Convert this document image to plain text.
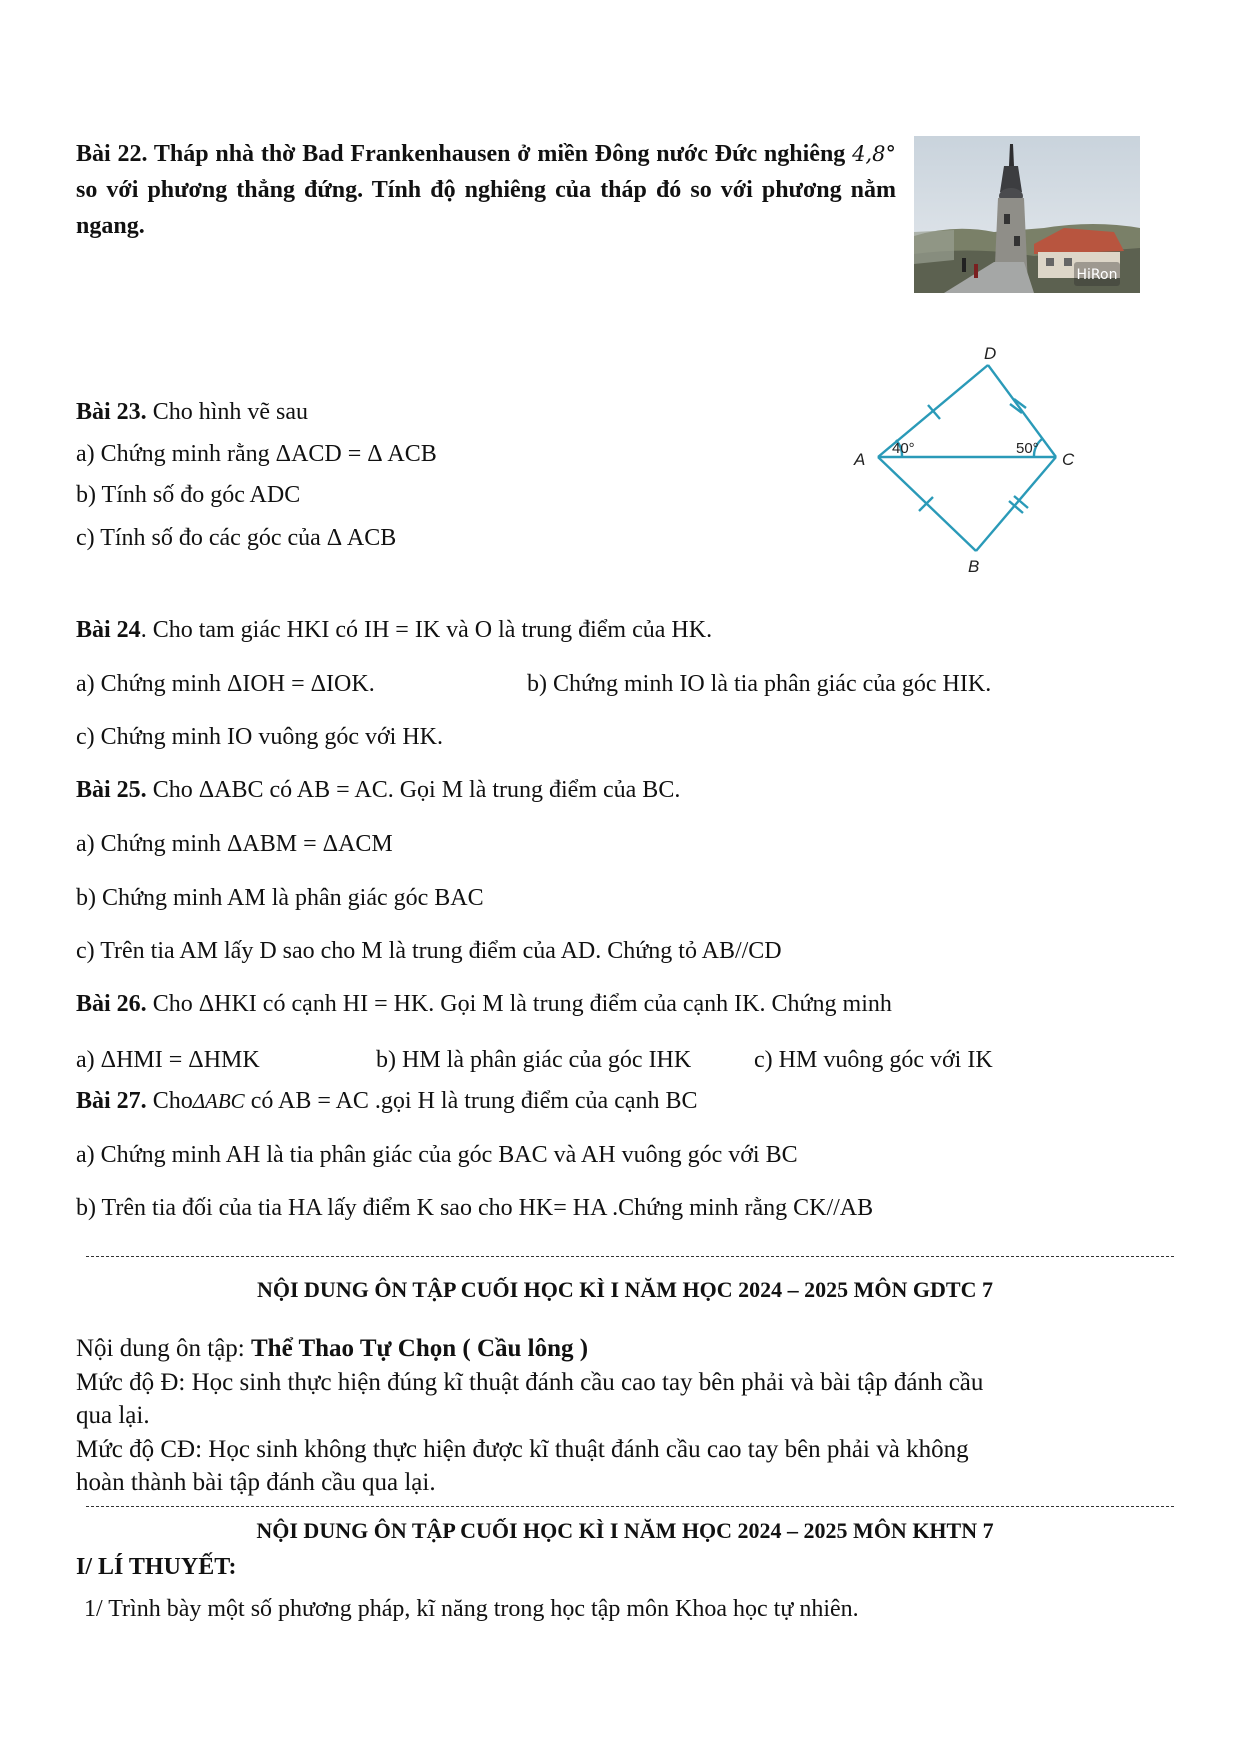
Bài 22. Tháp nhà thờ Bad Frankenhausen ở miền Đông nước Đức nghiêng 4,8° so với phương thẳng đứng. Tính độ nghiêng của tháp đó so với phương nằm ngang.
HiRon
Bài 23. Cho hình vẽ sau
a) Chứng minh rằng ΔACD = Δ ACB
b) Tính số đo góc ADC
c) Tính số đo các góc của Δ ACB
D
A	C
B
40°	50°
Bài 24. Cho tam giác HKI có IH = IK và O là trung điểm của HK.
a) Chứng minh ΔIOH = ΔIOK.	b) Chứng minh IO là tia phân giác của góc HIK.
c) Chứng minh IO vuông góc với HK.
Bài 25. Cho ΔABC có AB = AC. Gọi M là trung điểm của BC.
a) Chứng minh ΔABM = ΔACM
b) Chứng minh AM là phân giác góc BAC
c) Trên tia AM lấy D sao cho M là trung điểm của AD. Chứng tỏ AB//CD
Bài 26. Cho ΔHKI có cạnh HI = HK. Gọi M là trung điểm của cạnh IK. Chứng minh
a) ΔHMI = ΔHMK	b) HM là phân giác của góc IHK	c) HM vuông góc với IK
Bài 27. ChoΔABC có AB = AC .gọi H là trung điểm của cạnh BC
a) Chứng minh AH là tia phân giác của góc BAC và AH vuông góc với BC
b) Trên tia đối của tia HA lấy điểm K sao cho HK= HA .Chứng minh rằng CK//AB
NỘI DUNG ÔN TẬP CUỐI HỌC KÌ I NĂM HỌC 2024 – 2025 MÔN GDTC 7
Nội dung ôn tập: Thể Thao Tự Chọn ( Cầu lông )
Mức độ Đ: Học sinh thực hiện đúng kĩ thuật đánh cầu cao tay bên phải và bài tập đánh cầu
qua lại.
Mức độ CĐ: Học sinh không thực hiện được kĩ thuật đánh cầu cao tay bên phải và không
hoàn thành bài tập đánh cầu qua lại.
NỘI DUNG ÔN TẬP CUỐI HỌC KÌ I NĂM HỌC 2024 – 2025 MÔN KHTN 7
I/ LÍ THUYẾT:
1/ Trình bày một số phương pháp, kĩ năng trong học tập môn Khoa học tự nhiên.
